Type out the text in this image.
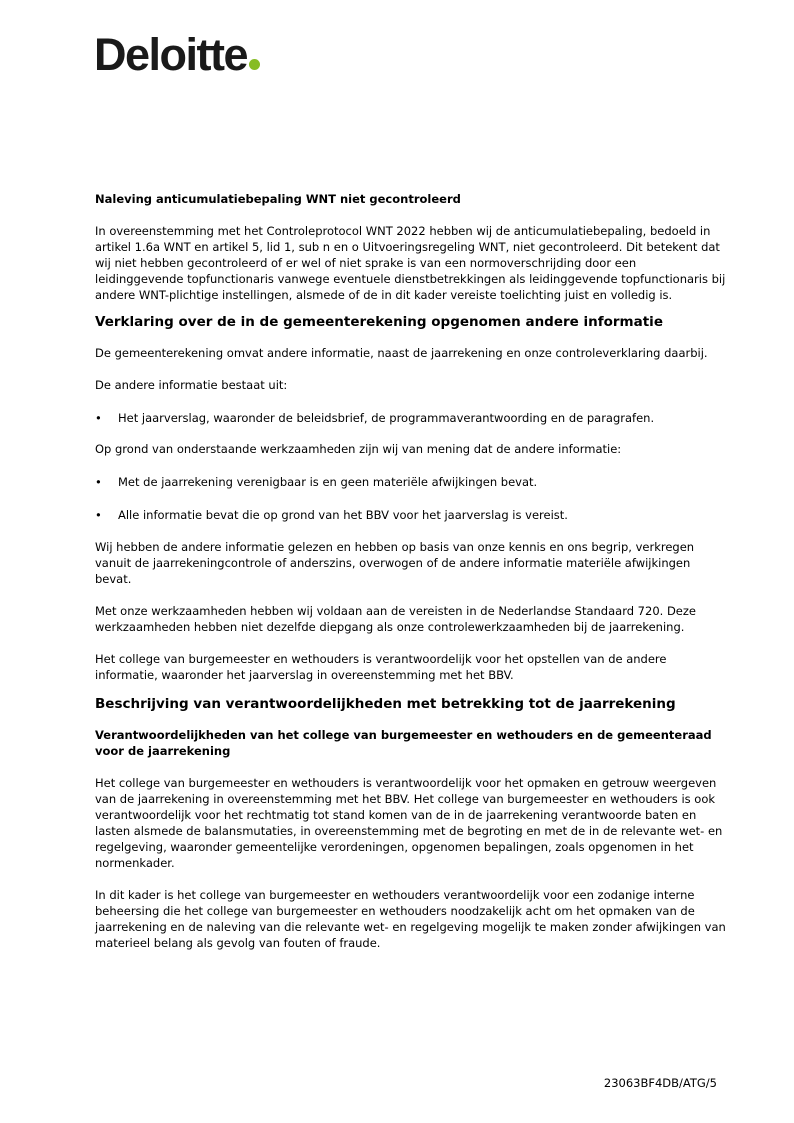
Deloitte
Naleving anticumulatiebepaling WNT niet gecontroleerd

In overeenstemming met het Controleprotocol WNT 2022 hebben wij de anticumulatiebepaling, bedoeld in artikel 1.6a WNT en artikel 5, lid 1, sub n en o Uitvoeringsregeling WNT, niet gecontroleerd. Dit betekent dat wij niet hebben gecontroleerd of er wel of niet sprake is van een normoverschrijding door een leidinggevende topfunctionaris vanwege eventuele dienstbetrekkingen als leidinggevende topfunctionaris bij andere WNT-plichtige instellingen, alsmede of de in dit kader vereiste toelichting juist en volledig is.

Verklaring over de in de gemeenterekening opgenomen andere informatie

De gemeenterekening omvat andere informatie, naast de jaarrekening en onze controleverklaring daarbij.

De andere informatie bestaat uit:

• Het jaarverslag, waaronder de beleidsbrief, de programmaverantwoording en de paragrafen.

Op grond van onderstaande werkzaamheden zijn wij van mening dat de andere informatie:

• Met de jaarrekening verenigbaar is en geen materiële afwijkingen bevat.
• Alle informatie bevat die op grond van het BBV voor het jaarverslag is vereist.

Wij hebben de andere informatie gelezen en hebben op basis van onze kennis en ons begrip, verkregen vanuit de jaarrekeningcontrole of anderszins, overwogen of de andere informatie materiële afwijkingen bevat.

Met onze werkzaamheden hebben wij voldaan aan de vereisten in de Nederlandse Standaard 720. Deze werkzaamheden hebben niet dezelfde diepgang als onze controlewerkzaamheden bij de jaarrekening.

Het college van burgemeester en wethouders is verantwoordelijk voor het opstellen van de andere informatie, waaronder het jaarverslag in overeenstemming met het BBV.

Beschrijving van verantwoordelijkheden met betrekking tot de jaarrekening
Verantwoordelijkheden van het college van burgemeester en wethouders en de gemeenteraad voor de jaarrekening

Het college van burgemeester en wethouders is verantwoordelijk voor het opmaken en getrouw weergeven van de jaarrekening in overeenstemming met het BBV. Het college van burgemeester en wethouders is ook verantwoordelijk voor het rechtmatig tot stand komen van de in de jaarrekening verantwoorde baten en lasten alsmede de balansmutaties, in overeenstemming met de begroting en met de in de relevante wet- en regelgeving, waaronder gemeentelijke verordeningen, opgenomen bepalingen, zoals opgenomen in het normenkader.

In dit kader is het college van burgemeester en wethouders verantwoordelijk voor een zodanige interne beheersing die het college van burgemeester en wethouders noodzakelijk acht om het opmaken van de jaarrekening en de naleving van die relevante wet- en regelgeving mogelijk te maken zonder afwijkingen van materieel belang als gevolg van fouten of fraude.

23063BF4DB/ATG/5
